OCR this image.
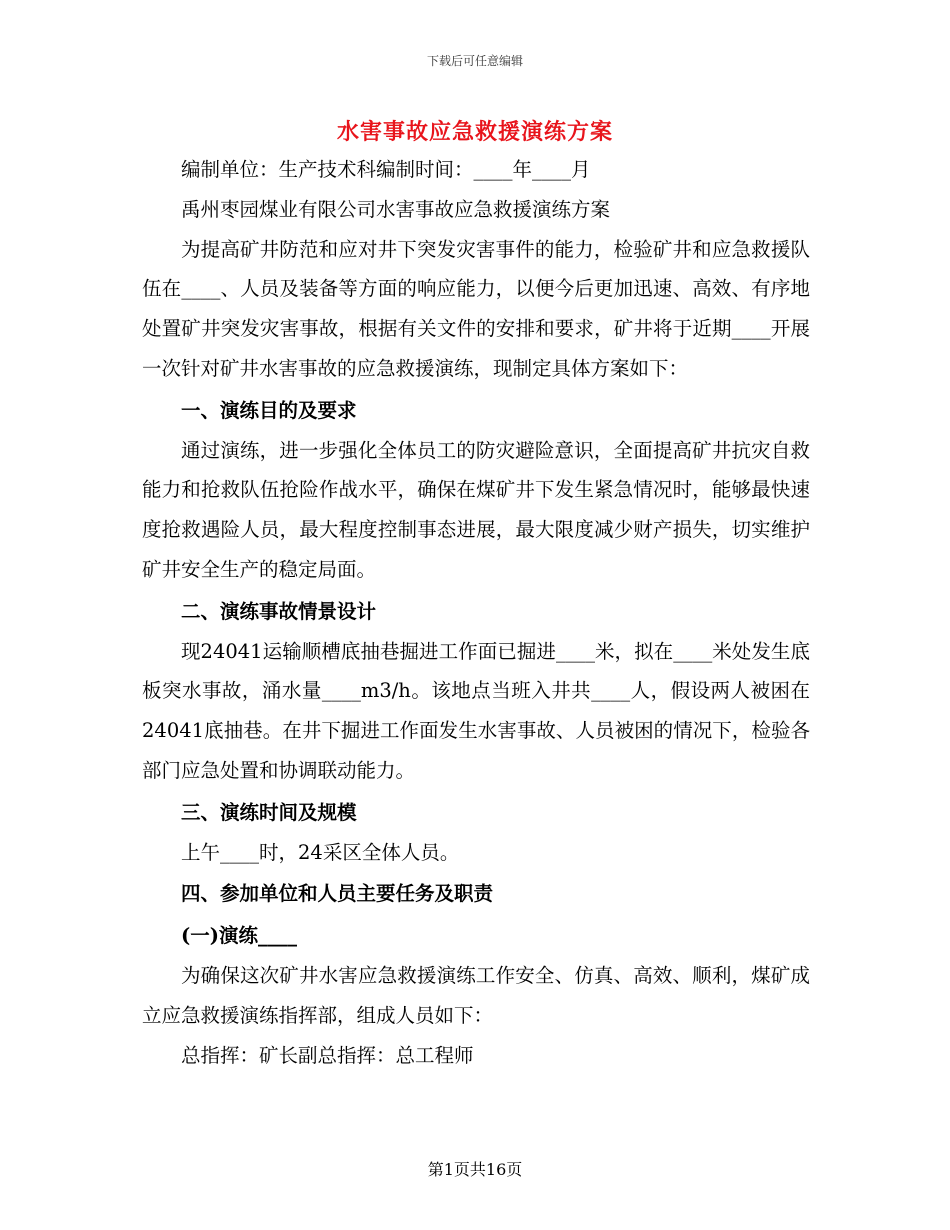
下载后可任意编辑
水害事故应急救援演练方案

编制单位：生产技术科编制时间：____年____月

禹州枣园煤业有限公司水害事故应急救援演练方案

为提高矿井防范和应对井下突发灾害事件的能力，检验矿井和应急救援队伍在____、人员及装备等方面的响应能力，以便今后更加迅速、高效、有序地处置矿井突发灾害事故，根据有关文件的安排和要求，矿井将于近期____开展一次针对矿井水害事故的应急救援演练，现制定具体方案如下：

一、演练目的及要求

通过演练，进一步强化全体员工的防灾避险意识，全面提高矿井抗灾自救能力和抢救队伍抢险作战水平，确保在煤矿井下发生紧急情况时，能够最快速度抢救遇险人员，最大程度控制事态进展，最大限度减少财产损失，切实维护矿井安全生产的稳定局面。

二、演练事故情景设计

现24041运输顺槽底抽巷掘进工作面已掘进____米，拟在____米处发生底板突水事故，涌水量____m3/h。该地点当班入井共____人，假设两人被困在24041底抽巷。在井下掘进工作面发生水害事故、人员被困的情况下，检验各部门应急处置和协调联动能力。

三、演练时间及规模

上午____时，24采区全体人员。

四、参加单位和人员主要任务及职责

(一)演练____

为确保这次矿井水害应急救援演练工作安全、仿真、高效、顺利，煤矿成立应急救援演练指挥部，组成人员如下：

总指挥：矿长副总指挥：总工程师

第1页共16页
